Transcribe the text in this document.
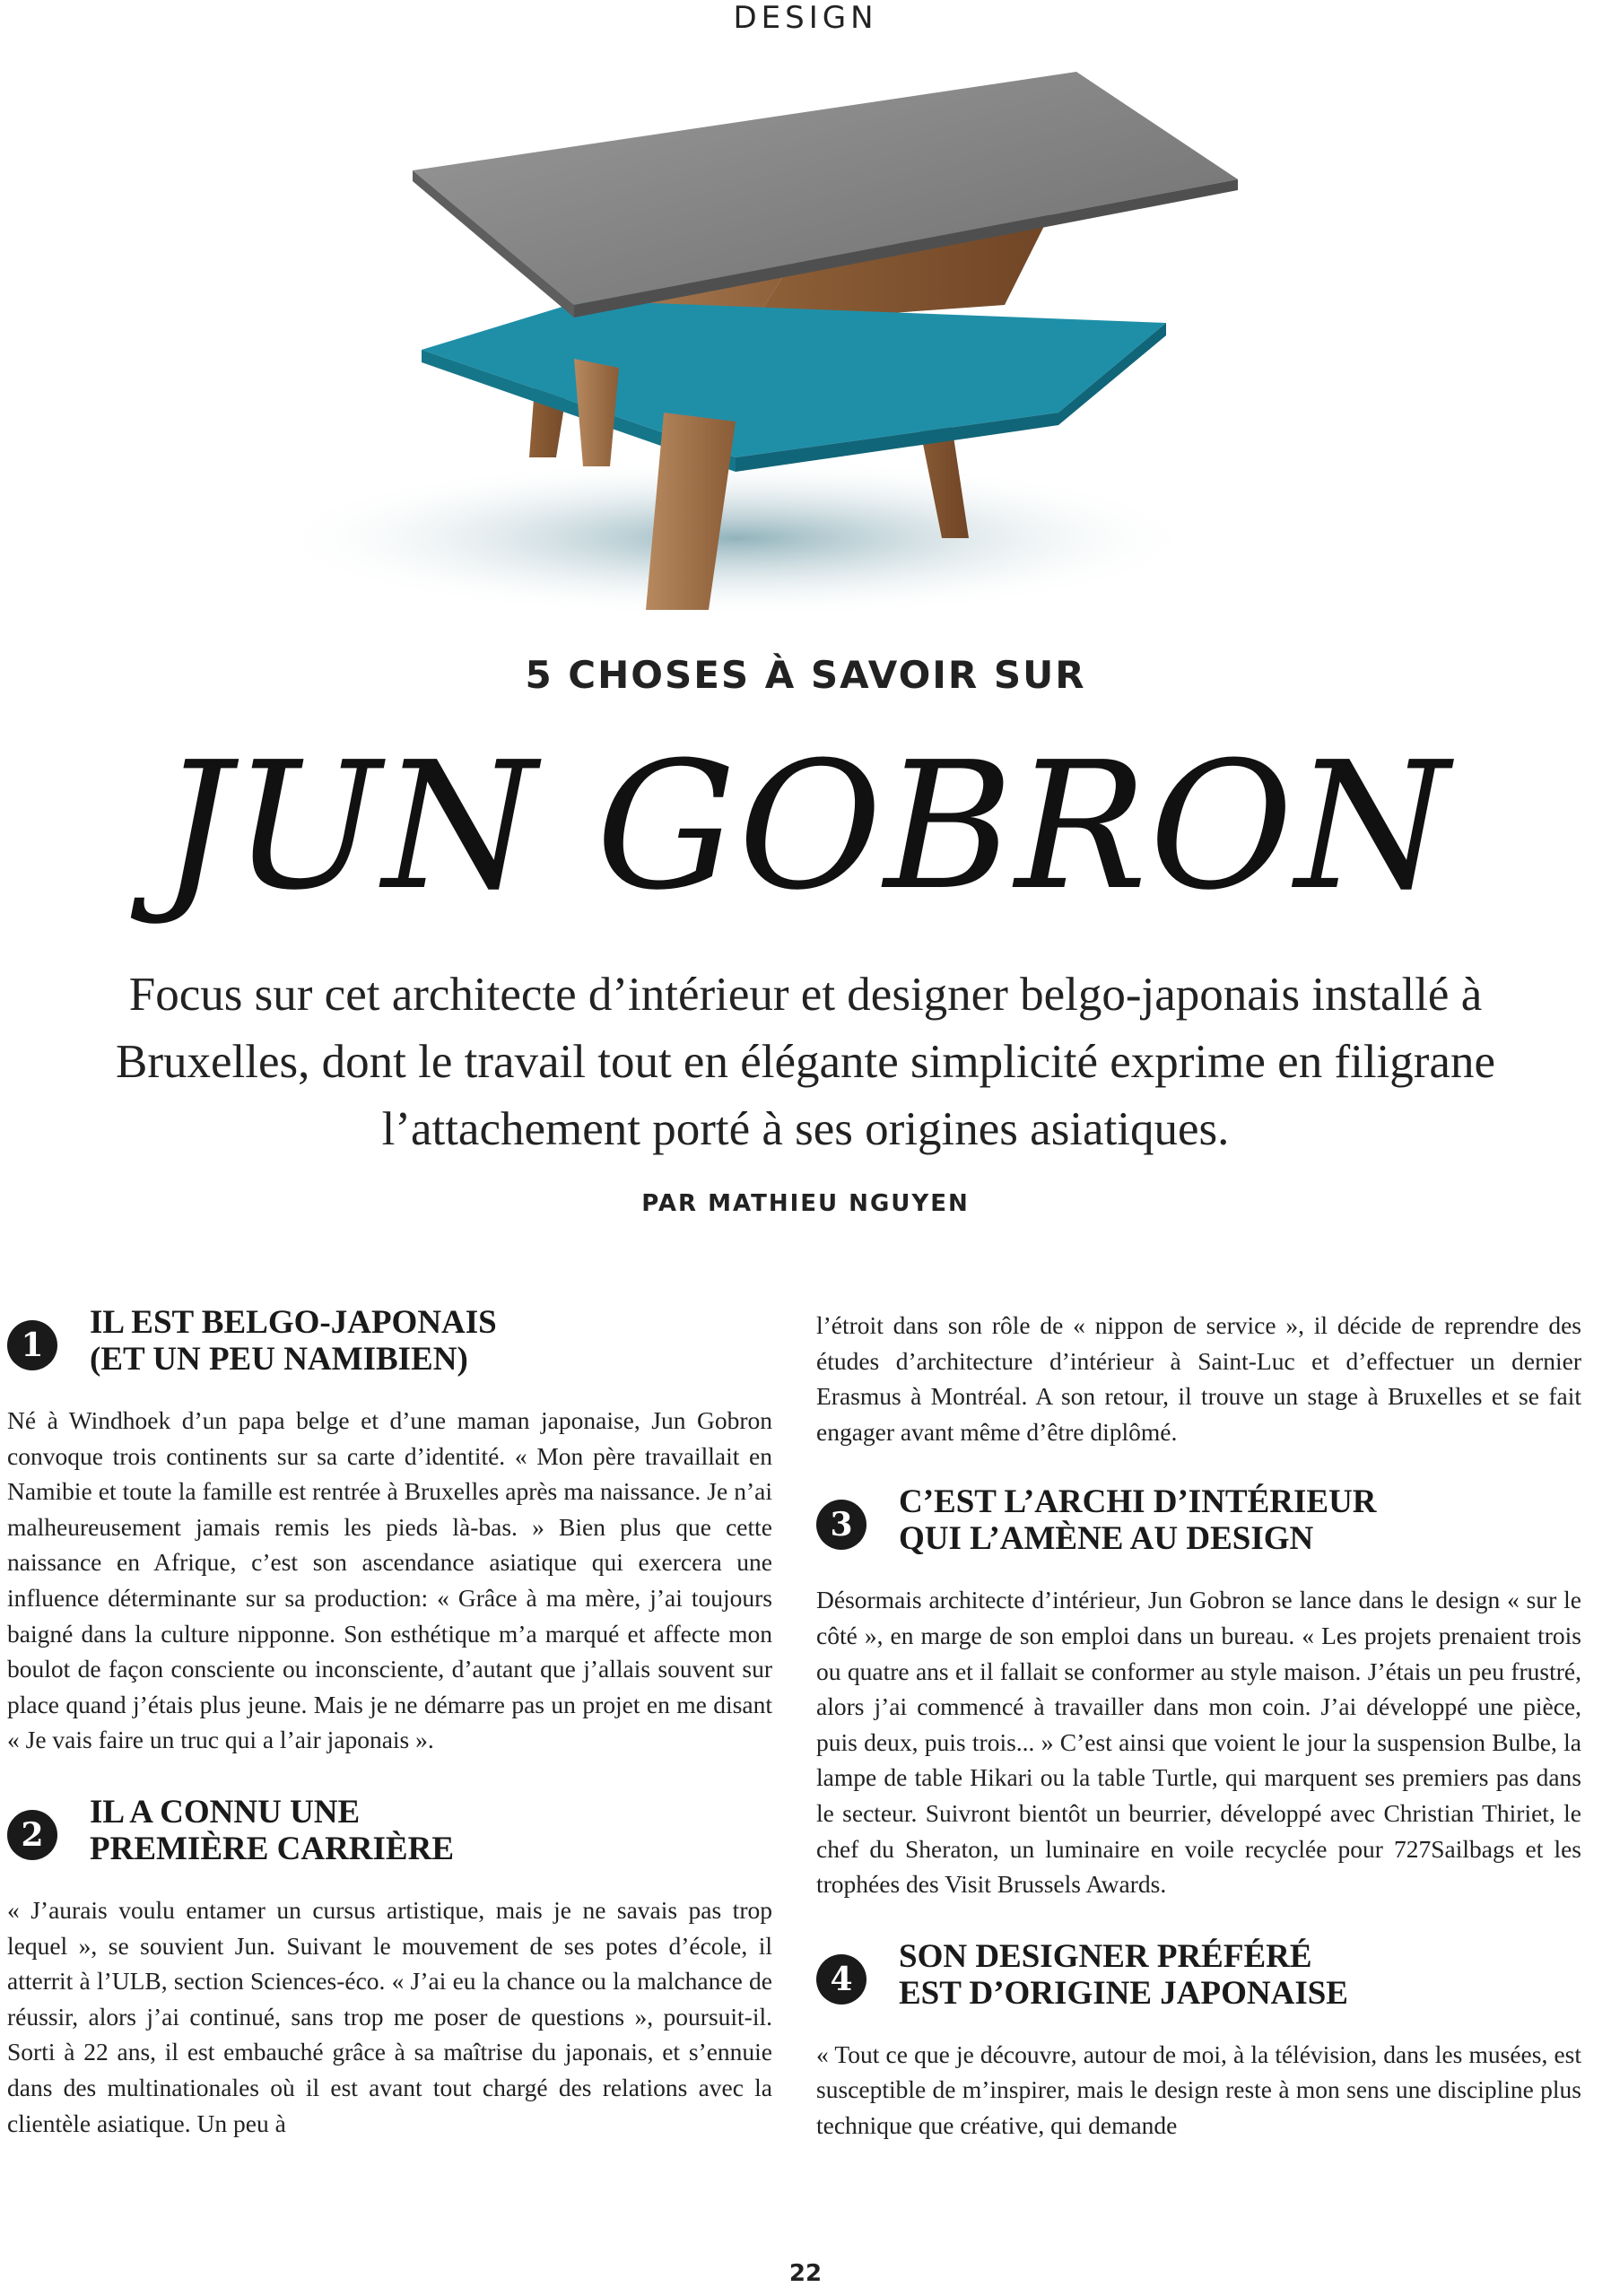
DESIGN
5 CHOSES À SAVOIR SUR
JUN GOBRON

Focus sur cet architecte d’intérieur et designer belgo-japonais installé à Bruxelles, dont le travail tout en élégante simplicité exprime en filigrane l’attachement porté à ses origines asiatiques.

PAR MATHIEU NGUYEN
1
IL EST BELGO-JAPONAIS
(ET UN PEU NAMIBIEN)

Né à Windhoek d’un papa belge et d’une maman japonaise, Jun Gobron convoque trois continents sur sa carte d’identité. « Mon père travaillait en Namibie et toute la famille est rentrée à Bruxelles après ma naissance. Je n’ai malheureusement jamais remis les pieds là-bas. » Bien plus que cette naissance en Afrique, c’est son ascendance asiatique qui exercera une influence déterminante sur sa production: « Grâce à ma mère, j’ai toujours baigné dans la culture nipponne. Son esthétique m’a marqué et affecte mon boulot de façon consciente ou inconsciente, d’autant que j’allais souvent sur place quand j’étais plus jeune. Mais je ne démarre pas un projet en me disant « Je vais faire un truc qui a l’air japonais ».

2
IL A CONNU UNE
PREMIÈRE CARRIÈRE

« J’aurais voulu entamer un cursus artistique, mais je ne savais pas trop lequel », se souvient Jun. Suivant le mouvement de ses potes d’école, il atterrit à l’ULB, section Sciences-éco. « J’ai eu la chance ou la malchance de réussir, alors j’ai continué, sans trop me poser de questions », poursuit-il. Sorti à 22 ans, il est embauché grâce à sa maîtrise du japonais, et s’ennuie dans des multinationales où il est avant tout chargé des relations avec la clientèle asiatique. Un peu à

l’étroit dans son rôle de « nippon de service », il décide de reprendre des études d’architecture d’intérieur à Saint-Luc et d’effectuer un dernier Erasmus à Montréal. A son retour, il trouve un stage à Bruxelles et se fait engager avant même d’être diplômé.

3
C’EST L’ARCHI D’INTÉRIEUR
QUI L’AMÈNE AU DESIGN

Désormais architecte d’intérieur, Jun Gobron se lance dans le design « sur le côté », en marge de son emploi dans un bureau. « Les projets prenaient trois ou quatre ans et il fallait se conformer au style maison. J’étais un peu frustré, alors j’ai commencé à travailler dans mon coin. J’ai développé une pièce, puis deux, puis trois... » C’est ainsi que voient le jour la suspension Bulbe, la lampe de table Hikari ou la table Turtle, qui marquent ses premiers pas dans le secteur. Suivront bientôt un beurrier, développé avec Christian Thiriet, le chef du Sheraton, un luminaire en voile recyclée pour 727Sailbags et les trophées des Visit Brussels Awards.

4
SON DESIGNER PRÉFÉRÉ
EST D’ORIGINE JAPONAISE

« Tout ce que je découvre, autour de moi, à la télévision, dans les musées, est susceptible de m’inspirer, mais le design reste à mon sens une discipline plus technique que créative, qui demande

22
